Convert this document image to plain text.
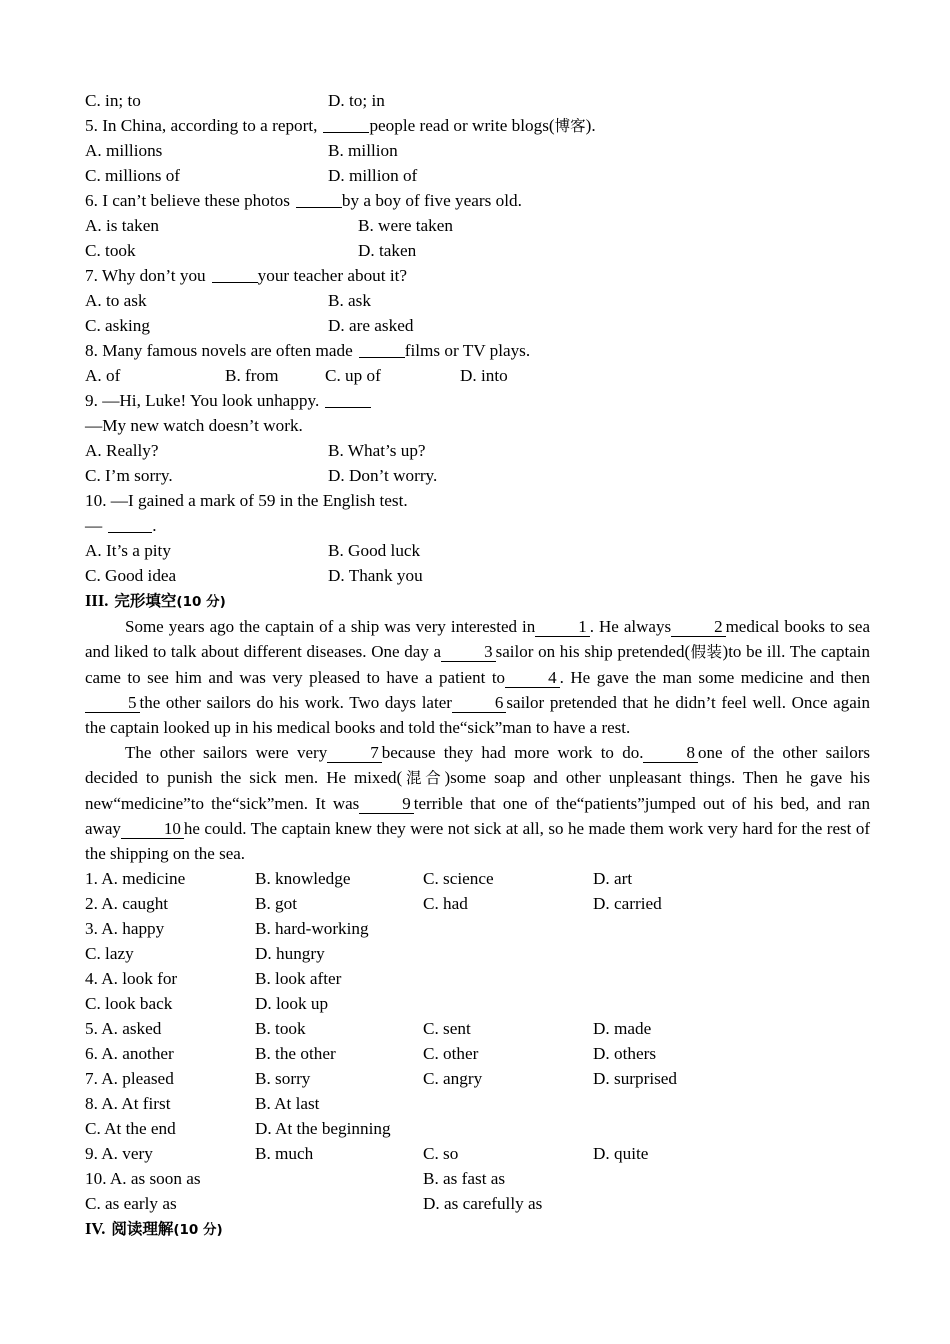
C. in; to	D. to; in
5. In China, according to a report,	people read or write blogs(博客).
A. millions	B. million
C. millions of	D. million of
6. I can’t believe these photos	by a boy of five years old.
A. is taken	B. were taken
C. took	D. taken
7. Why don’t you	your teacher about it?
A. to ask	B. ask
C. asking	D. are asked
8. Many famous novels are often made	films or TV plays.
A. of	B. from	C. up of	D. into
9. —Hi, Luke! You look unhappy.
—My new watch doesn’t work.
A. Really?	B. What’s up?
C. I’m sorry.	D. Don’t worry.
10. —I gained a mark of 59 in the English test.
—	.
A. It’s a pity	B. Good luck
C. Good idea	D. Thank you
III. 完形填空(10 分)

Some years ago the captain of a ship was very interested in	1 . He always	2 medical books to sea and liked to talk about different diseases. One day a	3 sailor on his ship pretended(假装)to be ill. The captain came to see him and was very pleased to have a patient to	4 . He gave the man some medicine and then5 the other sailors do his work. Two days later	6 sailor pretended that he didn’t feel well. Once again the captain looked up in his medical books and told the“sick”man to have a rest.

The other sailors were very	7 because they had more work to do.	8 one of the other sailors decided to punish the sick men. He mixed(混合)some soap and other unpleasant things. Then he gave his new“medicine”to the“sick”men. It was	9 terrible that one of the“patients”jumped out of his bed, and ran away	10 he could. The captain knew they were not sick at all, so he made them work very hard for the rest of the shipping on the sea.

1. A. medicine	B. knowledge	C. science	D. art
2. A. caught	B. got	C. had	D. carried
3. A. happy	B. hard-working
C. lazy	D. hungry
4. A. look for	B. look after
C. look back	D. look up
5. A. asked	B. took	C. sent	D. made
6. A. another	B. the other	C. other	D. others
7. A. pleased	B. sorry	C. angry	D. surprised
8. A. At first	B. At last
C. At the end	D. At the beginning
9. A. very	B. much	C. so	D. quite
10. A. as soon as	B. as fast as
C. as early as	D. as carefully as
IV. 阅读理解(10 分)
